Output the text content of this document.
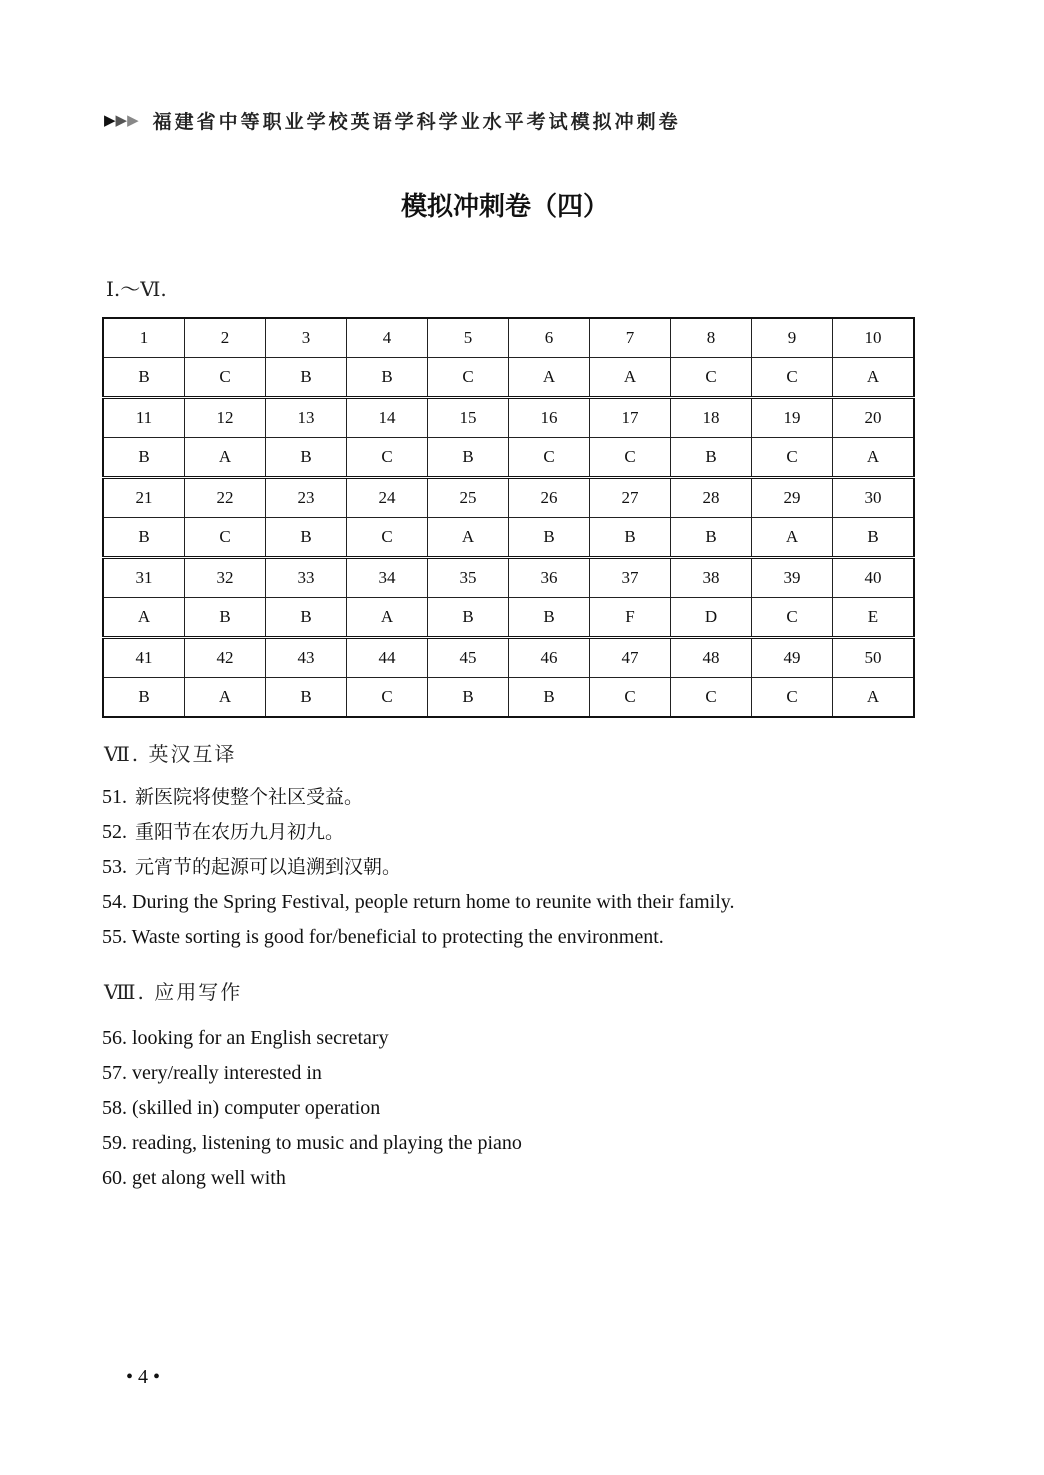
▶▶▶ 福建省中等职业学校英语学科学业水平考试模拟冲刺卷
模拟冲刺卷（四）
Ⅰ.～Ⅵ.
1	2	3	4	5	6	7	8	9	10
B	C	B	B	C	A	A	C	C	A
11	12	13	14	15	16	17	18	19	20
B	A	B	C	B	C	C	B	C	A
21	22	23	24	25	26	27	28	29	30
B	C	B	C	A	B	B	B	A	B
31	32	33	34	35	36	37	38	39	40
A	B	B	A	B	B	F	D	C	E
41	42	43	44	45	46	47	48	49	50
B	A	B	C	B	B	C	C	C	A
Ⅶ. 英汉互译
51. 新医院将使整个社区受益。
52. 重阳节在农历九月初九。
53. 元宵节的起源可以追溯到汉朝。
54. During the Spring Festival, people return home to reunite with their family.
55. Waste sorting is good for/beneficial to protecting the environment.
Ⅷ. 应用写作
56. looking for an English secretary
57. very/really interested in
58. (skilled in) computer operation
59. reading, listening to music and playing the piano
60. get along well with
• 4 •
